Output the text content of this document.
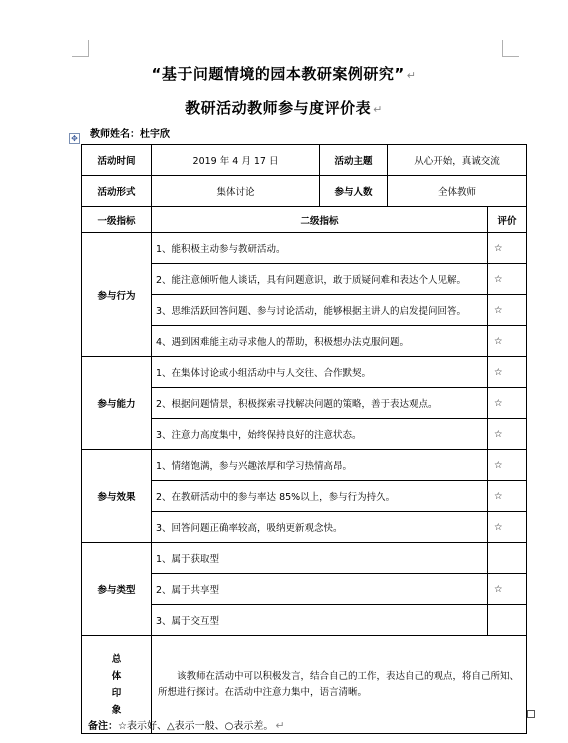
“基于问题情境的园本教研案例研究” ↵
教研活动教师参与度评价表 ↵
教师姓名：杜宇欣
✥
活动时间	2019 年 4 月 17 日	活动主题	从心开始，真诚交流	
活动形式	集体讨论	参与人数	全体教师	
一级指标	二级指标			评价
参与行为	1、能积极主动参与教研活动。			☆
	2、能注意倾听他人谈话，具有问题意识，敢于质疑问难和表达个人见解。			☆
	3、思维活跃回答问题、参与讨论活动，能够根据主讲人的启发提问回答。			☆
	4、遇到困难能主动寻求他人的帮助，积极想办法克服问题。			☆
参与能力	1、在集体讨论或小组活动中与人交往、合作默契。			☆
	2、根据问题情景，积极探索寻找解决问题的策略，善于表达观点。			☆
	3、注意力高度集中，始终保持良好的注意状态。			☆
参与效果	1、情绪饱满，参与兴趣浓厚和学习热情高昂。			☆
	2、在教研活动中的参与率达 85%以上，参与行为持久。			☆
	3、回答问题正确率较高，吸纳更新观念快。			☆
参与类型	1、属于获取型			
	2、属于共享型			☆
	3、属于交互型			

总
体
印
象	该教师在活动中可以积极发言，结合自己的工作，表达自己的观点，将自己所知、所想进行探讨。在活动中注意力集中，语言清晰。			
备注：☆表示好、△表示一般、○表示差。 ↵
